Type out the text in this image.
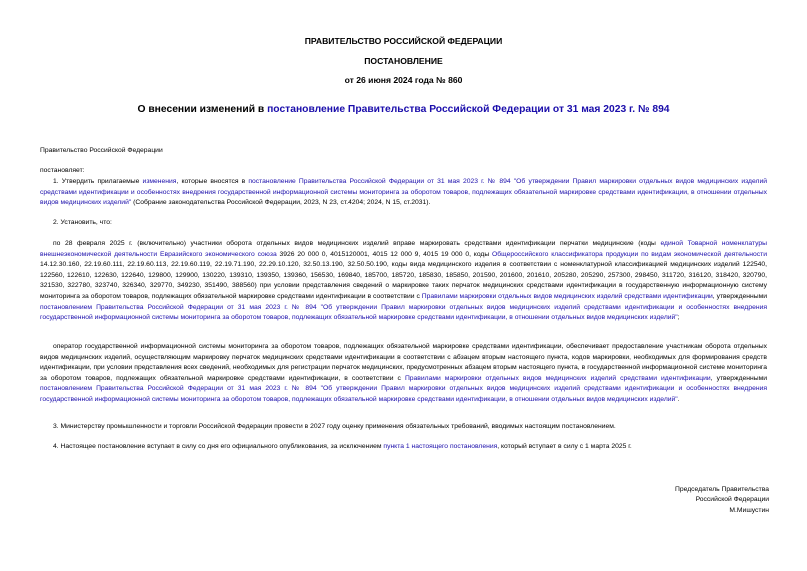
ПРАВИТЕЛЬСТВО РОССИЙСКОЙ ФЕДЕРАЦИИ
ПОСТАНОВЛЕНИЕ
от 26 июня 2024 года № 860
О внесении изменений в постановление Правительства Российской Федерации от 31 мая 2023 г. № 894
Правительство Российской Федерации
постановляет:
1. Утвердить прилагаемые изменения, которые вносятся в постановление Правительства Российской Федерации от 31 мая 2023 г. № 894 "Об утверждении Правил маркировки отдельных видов медицинских изделий средствами идентификации и особенностях внедрения государственной информационной системы мониторинга за оборотом товаров, подлежащих обязательной маркировке средствами идентификации, в отношении отдельных видов медицинских изделий" (Собрание законодательства Российской Федерации, 2023, N 23, ст.4204; 2024, N 15, ст.2031).
2. Установить, что:
по 28 февраля 2025 г. (включительно) участники оборота отдельных видов медицинских изделий вправе маркировать средствами идентификации перчатки медицинские (коды единой Товарной номенклатуры внешнеэкономической деятельности Евразийского экономического союза 3926 20 000 0, 4015120001, 4015 12 000 9, 4015 19 000 0, коды Общероссийского классификатора продукции по видам экономической деятельности 14.12.30.160, 22.19.60.111, 22.19.60.113, 22.19.60.119, 22.19.71.190, 22.29.10.120, 32.50.13.190, 32.50.50.190, коды вида медицинского изделия в соответствии с номенклатурной классификацией медицинских изделий 122540, 122560, 122610, 122630, 122640, 129800, 129900, 130220, 139310, 139350, 139360, 156530, 169840, 185700, 185720, 185830, 185850, 201590, 201600, 201610, 205280, 205290, 257300, 298450, 311720, 316120, 318420, 320790, 321530, 322780, 323740, 326340, 329770, 349230, 351490, 388560) при условии представления сведений о маркировке таких перчаток медицинских средствами идентификации в государственную информационную систему мониторинга за оборотом товаров, подлежащих обязательной маркировке средствами идентификации в соответствии с Правилами маркировки отдельных видов медицинских изделий средствами идентификации, утвержденными постановлением Правительства Российской Федерации от 31 мая 2023 г. № 894 "Об утверждении Правил маркировки отдельных видов медицинских изделий средствами идентификации и особенностях внедрения государственной информационной системы мониторинга за оборотом товаров, подлежащих обязательной маркировке средствами идентификации, в отношении отдельных видов медицинских изделий";
оператор государственной информационной системы мониторинга за оборотом товаров, подлежащих обязательной маркировке средствами идентификации, обеспечивает предоставление участникам оборота отдельных видов медицинских изделий, осуществляющим маркировку перчаток медицинских средствами идентификации в соответствии с абзацем вторым настоящего пункта, кодов маркировки, необходимых для формирования средств идентификации, при условии представления всех сведений, необходимых для регистрации перчаток медицинских, предусмотренных абзацем вторым настоящего пункта, в государственной информационной системе мониторинга за оборотом товаров, подлежащих обязательной маркировке средствами идентификации, в соответствии с Правилами маркировки отдельных видов медицинских изделий средствами идентификации, утвержденными постановлением Правительства Российской Федерации от 31 мая 2023 г. № 894 "Об утверждении Правил маркировки отдельных видов медицинских изделий средствами идентификации и особенностях внедрения государственной информационной системы мониторинга за оборотом товаров, подлежащих обязательной маркировке средствами идентификации, в отношении отдельных видов медицинских изделий".
3. Министерству промышленности и торговли Российской Федерации провести в 2027 году оценку применения обязательных требований, вводимых настоящим постановлением.
4. Настоящее постановление вступает в силу со дня его официального опубликования, за исключением пункта 1 настоящего постановления, который вступает в силу с 1 марта 2025 г.
Председатель Правительства
Российской Федерации
М.Мишустин
